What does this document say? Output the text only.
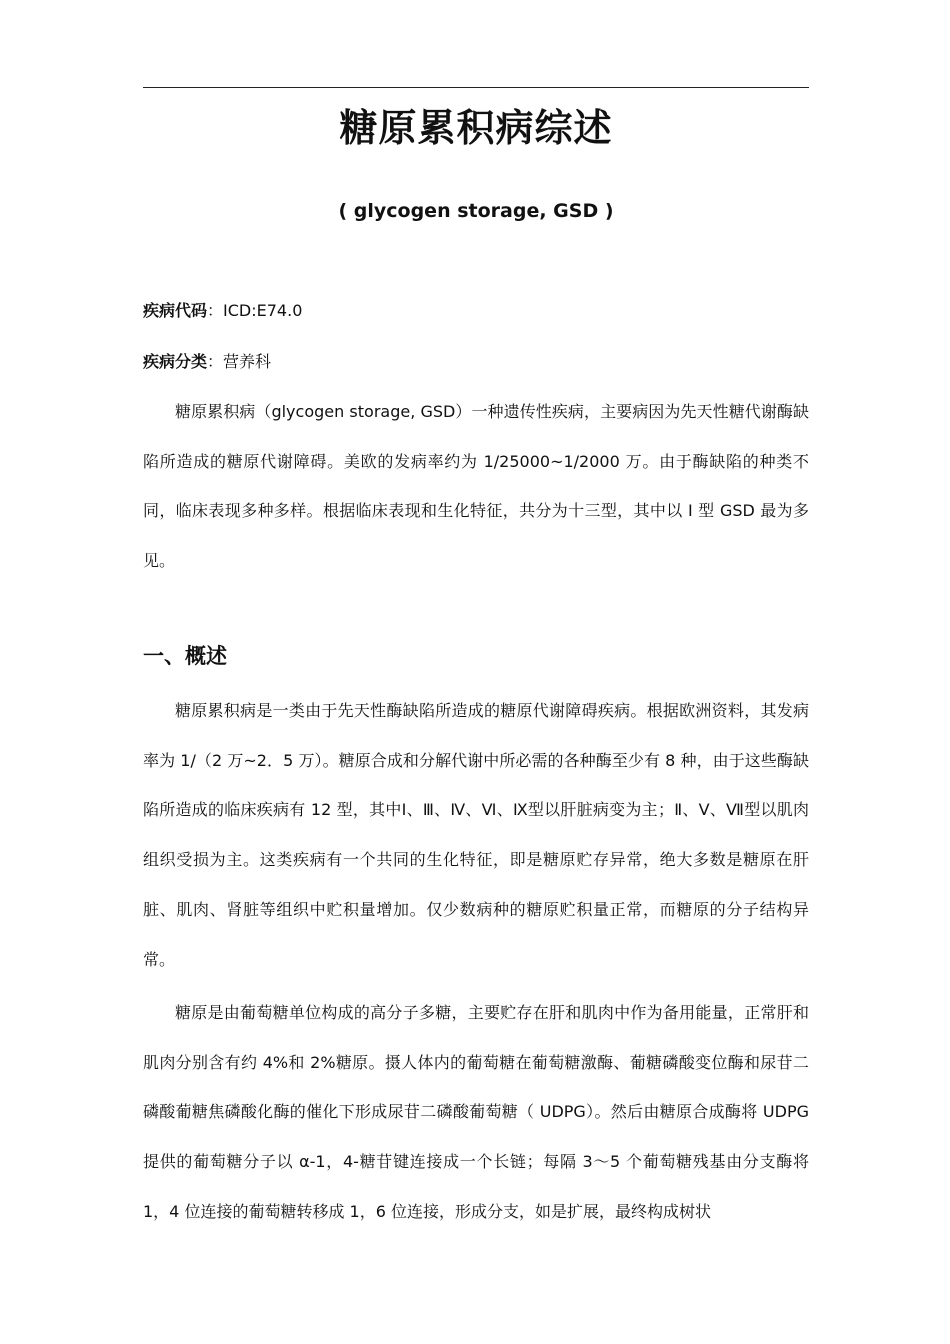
糖原累积病综述
( glycogen storage, GSD )
疾病代码：ICD:E74.0
疾病分类：营养科
糖原累积病（glycogen storage, GSD）一种遗传性疾病，主要病因为先天性糖代谢酶缺陷所造成的糖原代谢障碍。美欧的发病率约为 1/25000~1/2000 万。由于酶缺陷的种类不同，临床表现多种多样。根据临床表现和生化特征，共分为十三型，其中以 I 型 GSD 最为多见。
一、概述
糖原累积病是一类由于先天性酶缺陷所造成的糖原代谢障碍疾病。根据欧洲资料，其发病率为 1/（2 万~2．5 万）。糖原合成和分解代谢中所必需的各种酶至少有 8 种，由于这些酶缺陷所造成的临床疾病有 12 型，其中Ⅰ、Ⅲ、Ⅳ、Ⅵ、Ⅸ型以肝脏病变为主；Ⅱ、Ⅴ、Ⅶ型以肌肉组织受损为主。这类疾病有一个共同的生化特征，即是糖原贮存异常，绝大多数是糖原在肝脏、肌肉、肾脏等组织中贮积量增加。仅少数病种的糖原贮积量正常，而糖原的分子结构异常。
糖原是由葡萄糖单位构成的高分子多糖，主要贮存在肝和肌肉中作为备用能量，正常肝和肌肉分别含有约 4%和 2%糖原。摄人体内的葡萄糖在葡萄糖激酶、葡糖磷酸变位酶和尿苷二磷酸葡糖焦磷酸化酶的催化下形成尿苷二磷酸葡萄糖（ UDPG）。然后由糖原合成酶将 UDPG 提供的葡萄糖分子以 α-1，4-糖苷键连接成一个长链；每隔 3～5 个葡萄糖残基由分支酶将 1，4 位连接的葡萄糖转移成 1，6 位连接，形成分支，如是扩展，最终构成树状
